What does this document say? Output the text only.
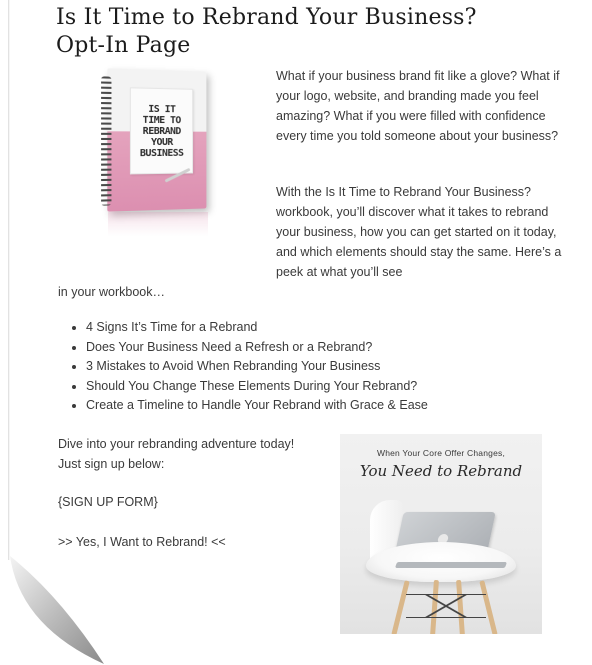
Is It Time to Rebrand Your Business?
Opt-In Page
IS IT
TIME TO
REBRAND
YOUR
BUSINESS

What if your business brand fit like a glove? What if your logo, website, and branding made you feel amazing? What if you were filled with confidence every time you told someone about your business?

With the Is It Time to Rebrand Your Business? workbook, you’ll discover what it takes to rebrand your business, how you can get started on it today, and which elements should stay the same. Here’s a peek at what you’ll see

in your workbook…

• 4 Signs It’s Time for a Rebrand
• Does Your Business Need a Refresh or a Rebrand?
• 3 Mistakes to Avoid When Rebranding Your Business
• Should You Change These Elements During Your Rebrand?
• Create a Timeline to Handle Your Rebrand with Grace & Ease

Dive into your rebranding adventure today!
Just sign up below:

{SIGN UP FORM}

>> Yes, I Want to Rebrand! <<

When Your Core Offer Changes,
You Need to Rebrand
